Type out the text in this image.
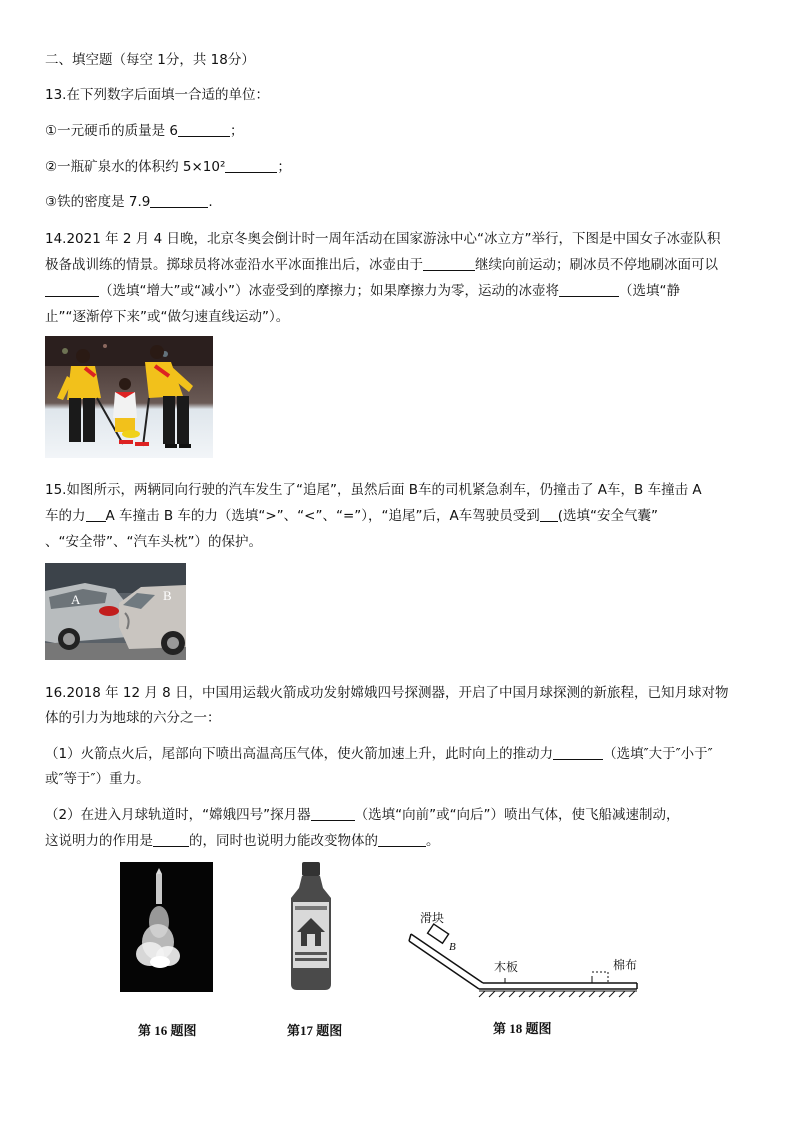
二、填空题（每空 1分，共 18分）
13.在下列数字后面填一合适的单位：
①一元硬币的质量是 6	；
②一瓶矿泉水的体积约 5×10²	；
③铁的密度是 7.9	.
14.2021 年 2 月 4 日晚，北京冬奥会倒计时一周年活动在国家游泳中心“冰立方”举行，下图是中国女子冰壶队积
极备战训练的情景。掷球员将冰壶沿水平冰面推出后，冰壶由于	继续向前运动；刷冰员不停地刷冰面可以
（选填“增大”或“减小”）冰壶受到的摩擦力；如果摩擦力为零，运动的冰壶将	（选填“静
止”“逐渐停下来”或“做匀速直线运动”）。
15.如图所示，两辆同向行驶的汽车发生了“追尾”，虽然后面 B车的司机紧急刹车，仍撞击了 A车，B 车撞击 A
车的力 A 车撞击 B 车的力（选填“>”、“<”、“=”），“追尾”后，A车驾驶员受到 (选填“安全气囊”
、“安全带”、“汽车头枕”）的保护。
A	B
16.2018 年 12 月 8 日，中国用运载火箭成功发射嫦娥四号探测器，开启了中国月球探测的新旅程，已知月球对物
体的引力为地球的六分之一：
（1）火箭点火后，尾部向下喷出高温高压气体，使火箭加速上升，此时向上的推动力	（选填″大于″小于″
或″等于″）重力。
（2）在进入月球轨道时，“嫦娥四号”探月器	（选填“向前”或“向后”）喷出气体，使飞船减速制动，
这说明力的作用是	的，同时也说明力能改变物体的	。
第 16 题图	第17 题图
滑块
B
木板	棉布
第 18 题图
